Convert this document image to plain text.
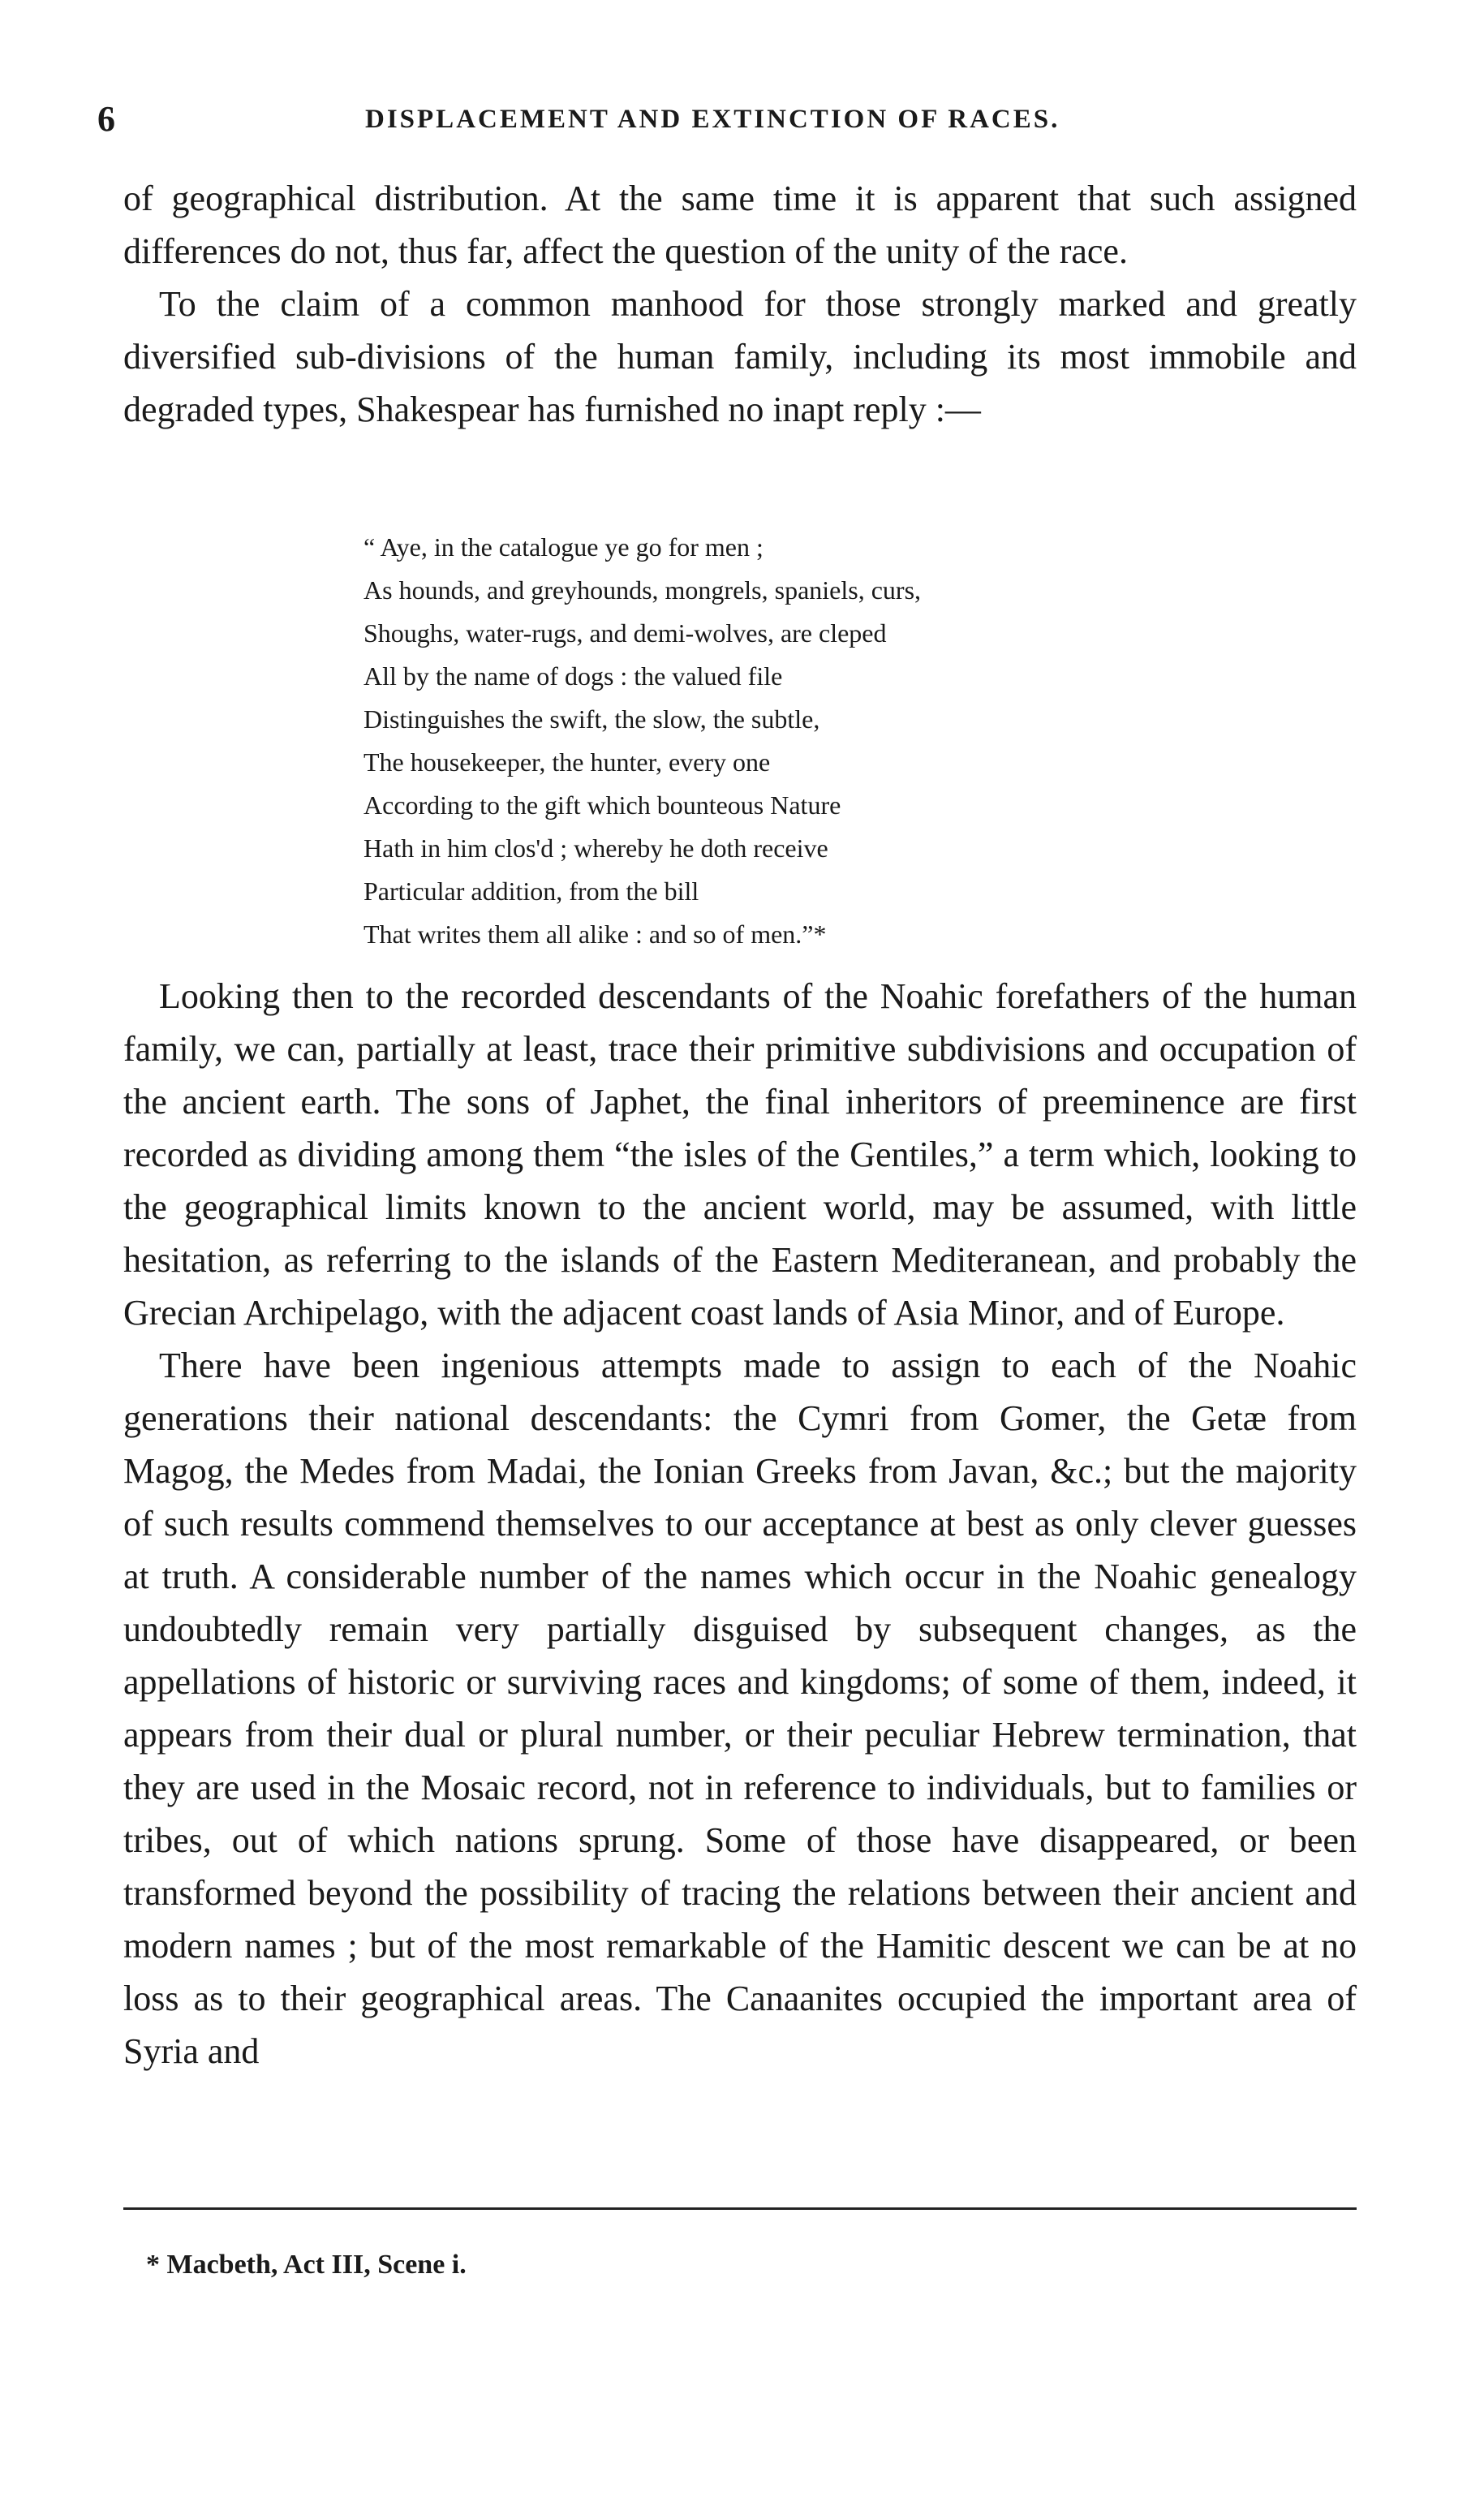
6	DISPLACEMENT AND EXTINCTION OF RACES.

of geographical distribution. At the same time it is apparent that such assigned differences do not, thus far, affect the question of the unity of the race.

To the claim of a common manhood for those strongly marked and greatly diversified sub-divisions of the human family, including its most immobile and degraded types, Shakespear has furnished no inapt reply :—

“ Aye, in the catalogue ye go for men ;
As hounds, and greyhounds, mongrels, spaniels, curs,
Shoughs, water-rugs, and demi-wolves, are cleped
All by the name of dogs : the valued file
Distinguishes the swift, the slow, the subtle,
The housekeeper, the hunter, every one
According to the gift which bounteous Nature
Hath in him clos'd ; whereby he doth receive
Particular addition, from the bill
That writes them all alike : and so of men.”*

Looking then to the recorded descendants of the Noahic forefathers of the human family, we can, partially at least, trace their primitive subdivisions and occupation of the ancient earth. The sons of Japhet, the final inheritors of preeminence are first recorded as dividing among them “the isles of the Gentiles,” a term which, looking to the geographical limits known to the ancient world, may be assumed, with little hesitation, as referring to the islands of the Eastern Mediteranean, and probably the Grecian Archipelago, with the adjacent coast lands of Asia Minor, and of Europe.

There have been ingenious attempts made to assign to each of the Noahic generations their national descendants: the Cymri from Gomer, the Getæ from Magog, the Medes from Madai, the Ionian Greeks from Javan, &c.; but the majority of such results commend themselves to our acceptance at best as only clever guesses at truth. A considerable number of the names which occur in the Noahic genealogy undoubtedly remain very partially disguised by subsequent changes, as the appellations of historic or surviving races and kingdoms; of some of them, indeed, it appears from their dual or plural number, or their peculiar Hebrew termination, that they are used in the Mosaic record, not in reference to individuals, but to families or tribes, out of which nations sprung. Some of those have disappeared, or been transformed beyond the possibility of tracing the relations between their ancient and modern names ; but of the most remarkable of the Hamitic descent we can be at no loss as to their geographical areas. The Canaanites occupied the important area of Syria and

* Macbeth, Act III, Scene i.
